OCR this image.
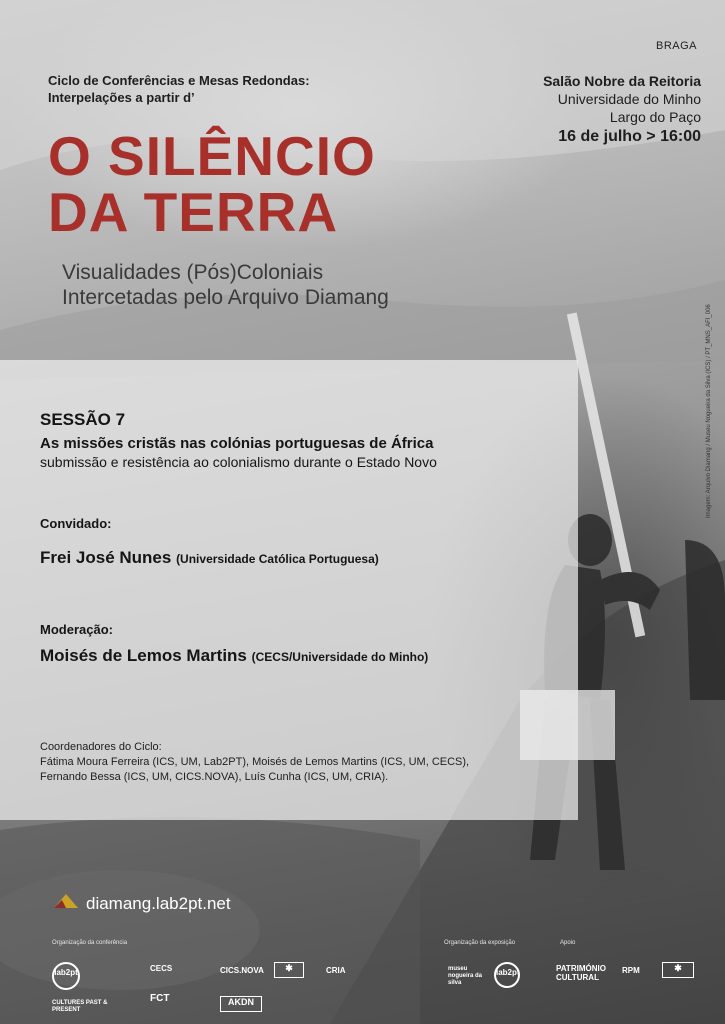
BRAGA
Ciclo de Conferências e Mesas Redondas:
Interpelações a partir d’
Salão Nobre da Reitoria
Universidade do Minho
Largo do Paço
16 de julho > 16:00
O SILÊNCIO
DA TERRA
Visualidades (Pós)Coloniais
Intercetadas pelo Arquivo Diamang
SESSÃO 7
As missões cristãs nas colónias portuguesas de África
submissão e resistência ao colonialismo durante o Estado Novo
Convidado:
Frei José Nunes (Universidade Católica Portuguesa)
Moderação:
Moisés de Lemos Martins (CECS/Universidade do Minho)
Coordenadores do Ciclo:
Fátima Moura Ferreira (ICS, UM, Lab2PT), Moisés de Lemos Martins (ICS, UM, CECS),
Fernando Bessa (ICS, UM, CICS.NOVA), Luís Cunha (ICS, UM, CRIA).
Imagem: Arquivo Diamang / Museu Nogueira da Silva (ICS) / PT_MNS_AFI_006
diamang.lab2pt.net
Organização da conferência	Organização da exposição	Apoio
lab2pt	CECS	CICS.NOVA	✱	CRIA
FCT	AKDN
CULTURES PAST & PRESENT
museu nogueira da silva
lab2pt	PATRIMÓNIO CULTURAL
RPM	✱
